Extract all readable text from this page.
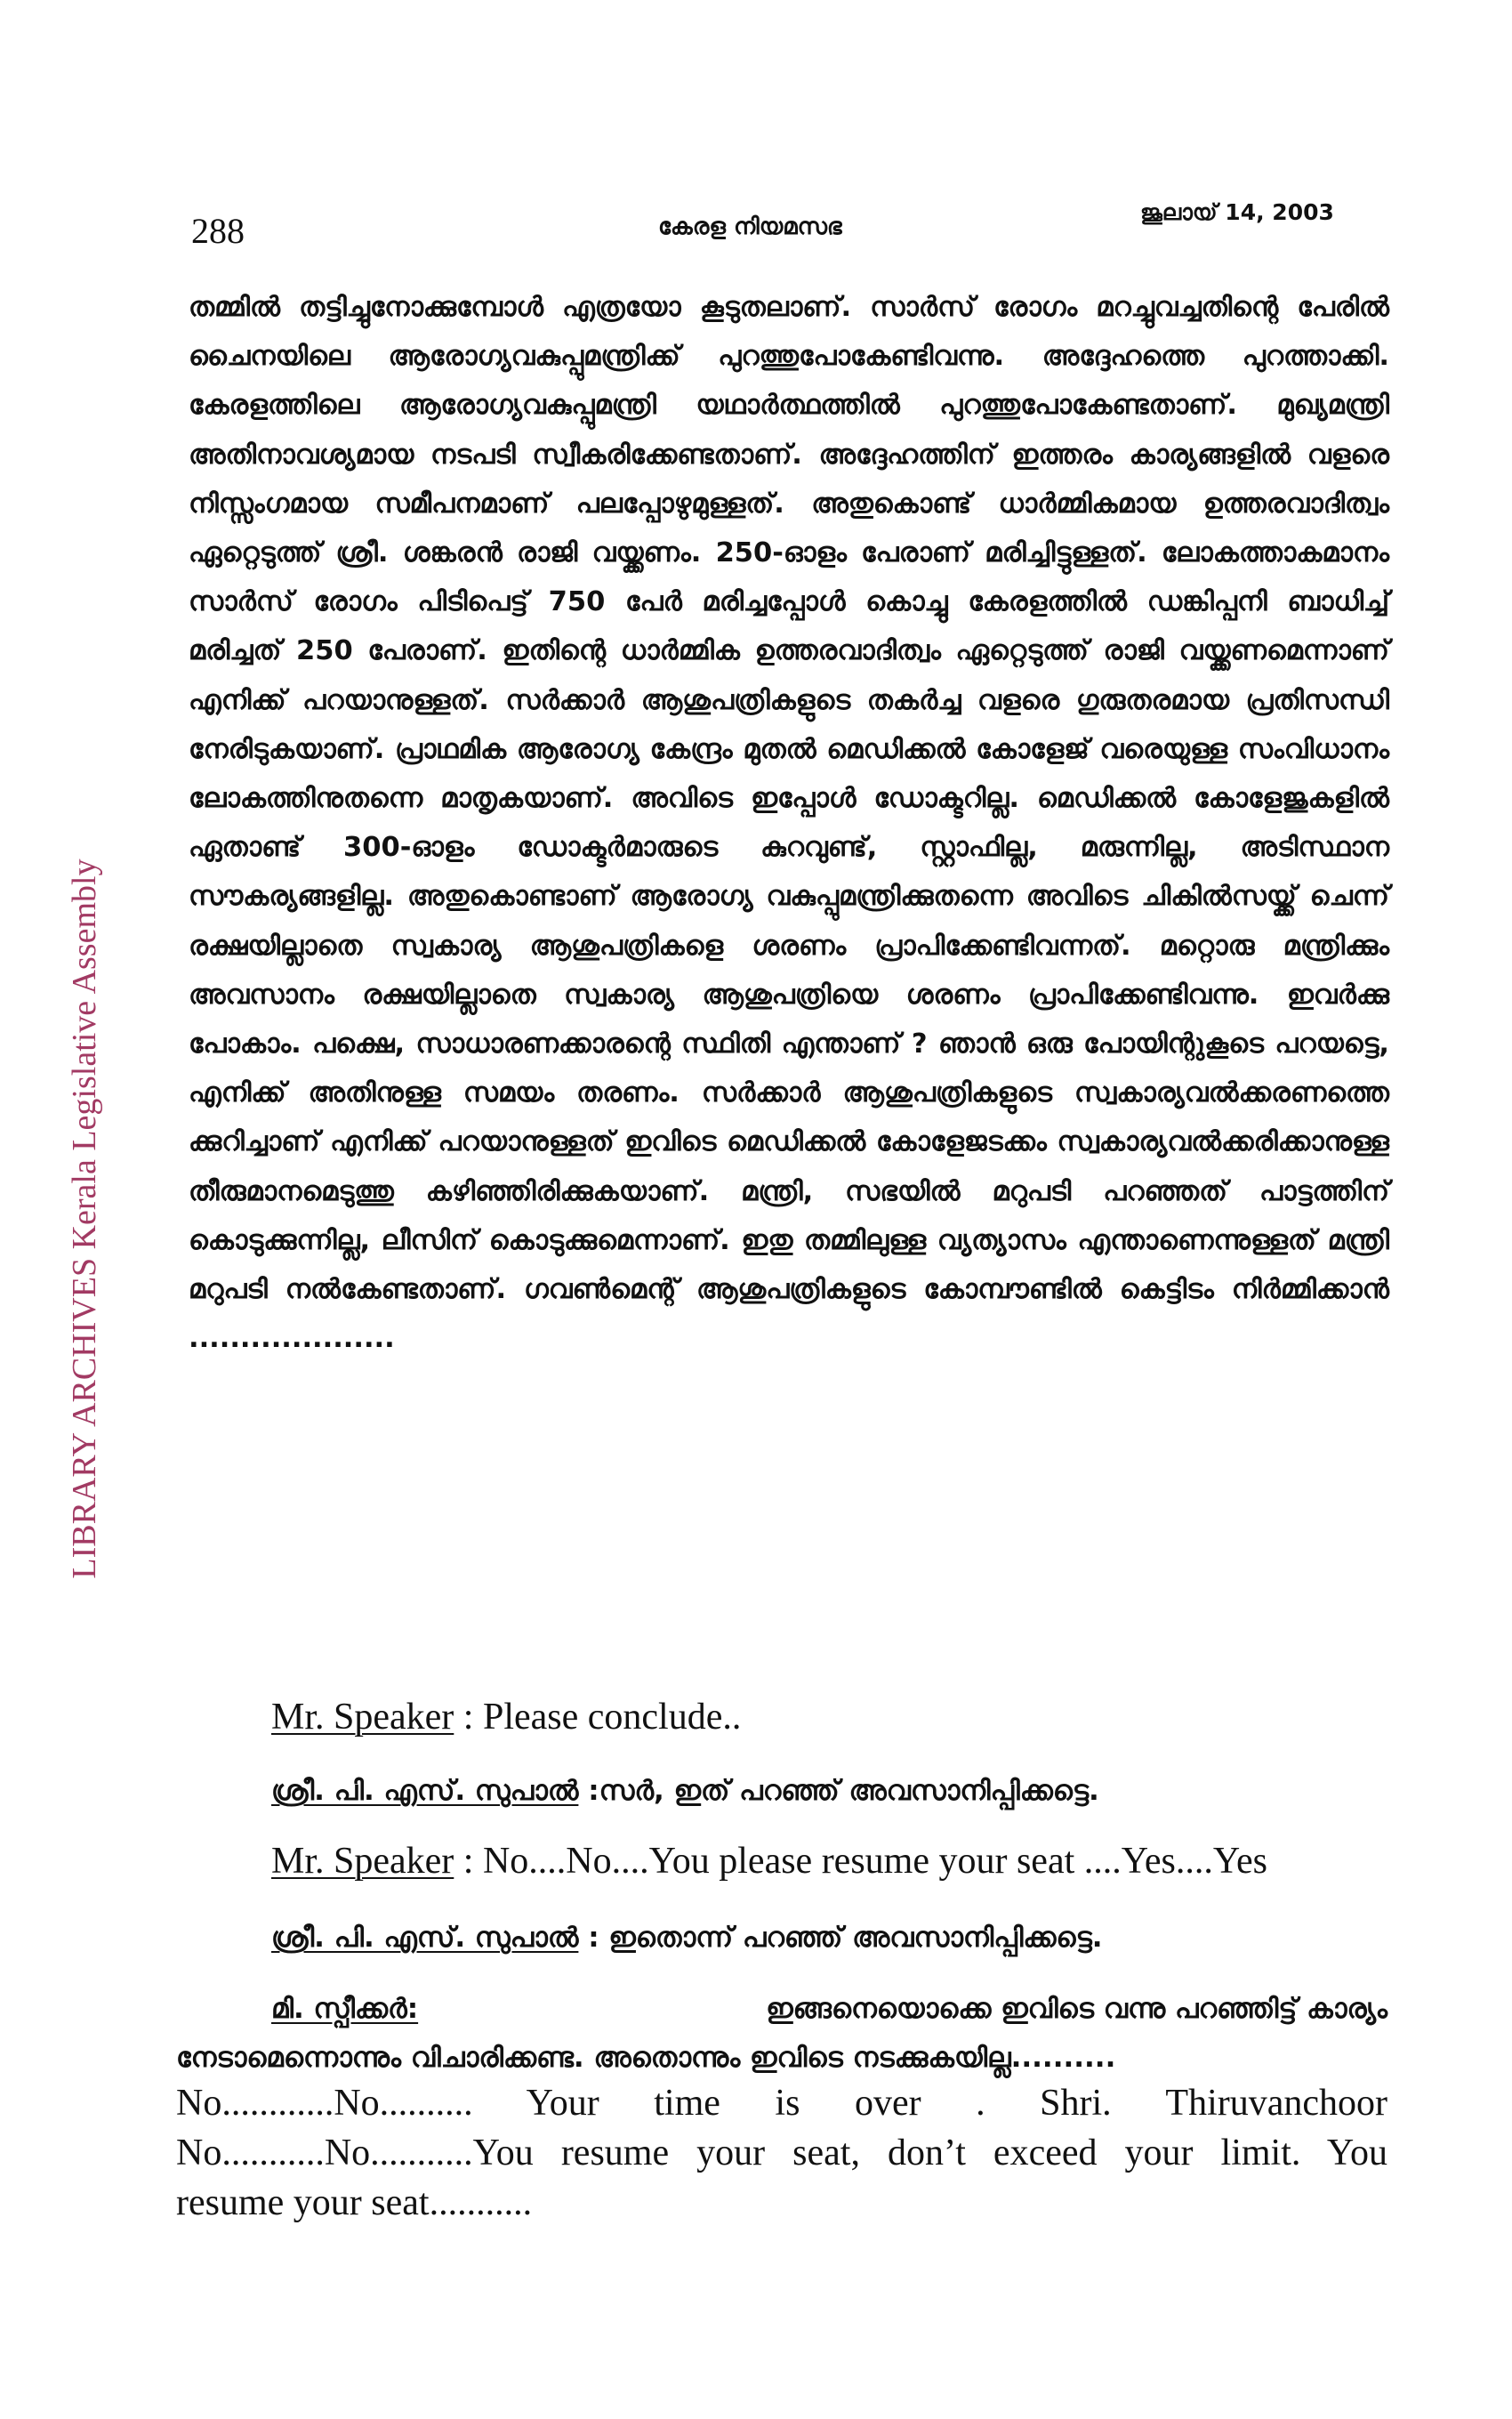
288	കേരള നിയമസഭ
ജൂലായ് 14, 2003
LIBRARY ARCHIVES Kerala Legislative Assembly

തമ്മിൽ തട്ടിച്ചുനോക്കുമ്പോൾ എത്രയോ കൂടുതലാണ്. സാർസ് രോഗം മറച്ചുവച്ചതിന്റെ പേരിൽ ചൈനയിലെ ആരോഗ്യവകുപ്പുമന്ത്രിക്ക് പുറത്തുപോകേണ്ടിവന്നു. അദ്ദേഹത്തെ പുറത്താക്കി. കേരളത്തിലെ ആരോഗ്യവകുപ്പുമന്ത്രി യഥാർത്ഥത്തിൽ പുറത്തുപോകേണ്ടതാണ്. മുഖ്യമന്ത്രി അതിനാവശ്യമായ നടപടി സ്വീകരിക്കേണ്ടതാണ്. അദ്ദേഹത്തിന് ഇത്തരം കാര്യങ്ങളിൽ വളരെ നിസ്സംഗമായ സമീപനമാണ് പലപ്പോഴുമുള്ളത്. അതുകൊണ്ട് ധാർമ്മികമായ ഉത്തരവാദിത്വം ഏറ്റെടുത്ത് ശ്രീ. ശങ്കരൻ രാജി വയ്ക്കണം. 250-ഓളം പേരാണ് മരിച്ചിട്ടുള്ളത്. ലോകത്താകമാനം സാർസ് രോഗം പിടിപെട്ട് 750 പേർ മരിച്ചപ്പോൾ കൊച്ചു കേരളത്തിൽ ഡങ്കിപ്പനി ബാധിച്ച് മരിച്ചത് 250 പേരാണ്. ഇതിന്റെ ധാർമ്മിക ഉത്തരവാദിത്വം ഏറ്റെടുത്ത് രാജി വയ്ക്കണമെന്നാണ് എനിക്ക് പറയാനുള്ളത്. സർക്കാർ ആശുപത്രികളുടെ തകർച്ച വളരെ ഗുരുതരമായ പ്രതിസന്ധി നേരിടുകയാണ്. പ്രാഥമിക ആരോഗ്യ കേന്ദ്രം മുതൽ മെഡിക്കൽ കോളേജ് വരെയുള്ള സംവിധാനം ലോകത്തിനുതന്നെ മാതൃകയാണ്. അവിടെ ഇപ്പോൾ ഡോക്ടറില്ല. മെഡിക്കൽ കോളേജുകളിൽ ഏതാണ്ട് 300-ഓളം ഡോക്ടർമാരുടെ കുറവുണ്ട്, സ്റ്റാഫില്ല, മരുന്നില്ല, അടിസ്ഥാന സൗകര്യങ്ങളില്ല. അതുകൊണ്ടാണ് ആരോഗ്യ വകുപ്പുമന്ത്രിക്കുതന്നെ അവിടെ ചികിൽസയ്ക്ക് ചെന്ന് രക്ഷയില്ലാതെ സ്വകാര്യ ആശുപത്രികളെ ശരണം പ്രാപിക്കേണ്ടിവന്നത്. മറ്റൊരു മന്ത്രിക്കും അവസാനം രക്ഷയില്ലാതെ സ്വകാര്യ ആശുപത്രിയെ ശരണം പ്രാപിക്കേണ്ടിവന്നു. ഇവർക്കു പോകാം. പക്ഷെ, സാധാരണക്കാരന്റെ സ്ഥിതി എന്താണ് ? ഞാൻ ഒരു പോയിന്റുകൂടെ പറയട്ടെ, എനിക്ക് അതിനുള്ള സമയം തരണം. സർക്കാർ ആശുപത്രികളുടെ സ്വകാര്യവൽക്കരണത്തെ ക്കുറിച്ചാണ് എനിക്ക് പറയാനുള്ളത് ഇവിടെ മെഡിക്കൽ കോളേജടക്കം സ്വകാര്യവൽക്കരിക്കാനുള്ള തീരുമാനമെടുത്തു കഴിഞ്ഞിരിക്കുകയാണ്. മന്ത്രി, സഭയിൽ മറുപടി പറഞ്ഞത് പാട്ടത്തിന് കൊടുക്കുന്നില്ല, ലീസിന് കൊടുക്കുമെന്നാണ്. ഇതു തമ്മിലുള്ള വ്യത്യാസം എന്താണെന്നുള്ളത് മന്ത്രി മറുപടി നൽകേണ്ടതാണ്. ഗവൺമെന്റ് ആശുപത്രികളുടെ കോമ്പൗണ്ടിൽ കെട്ടിടം നിർമ്മിക്കാൻ ....................

Mr. Speaker : Please conclude..
ശ്രീ. പി. എസ്. സുപാൽ :സർ, ഇത് പറഞ്ഞ് അവസാനിപ്പിക്കട്ടെ.
Mr. Speaker : No....No....You please resume your seat ....Yes....Yes
ശ്രീ. പി. എസ്. സുപാൽ : ഇതൊന്ന് പറഞ്ഞ് അവസാനിപ്പിക്കട്ടെ.
മി. സ്പീക്കർ:	ഇങ്ങനെയൊക്കെ ഇവിടെ വന്നു പറഞ്ഞിട്ട് കാര്യം
നേടാമെന്നൊന്നും വിചാരിക്കണ്ട. അതൊന്നും ഇവിടെ നടക്കുകയില്ല..........
No............No.......... Your time is over . Shri. Thiruvanchoor
No...........No...........You resume your seat, don’t exceed your limit. You
resume your seat...........
